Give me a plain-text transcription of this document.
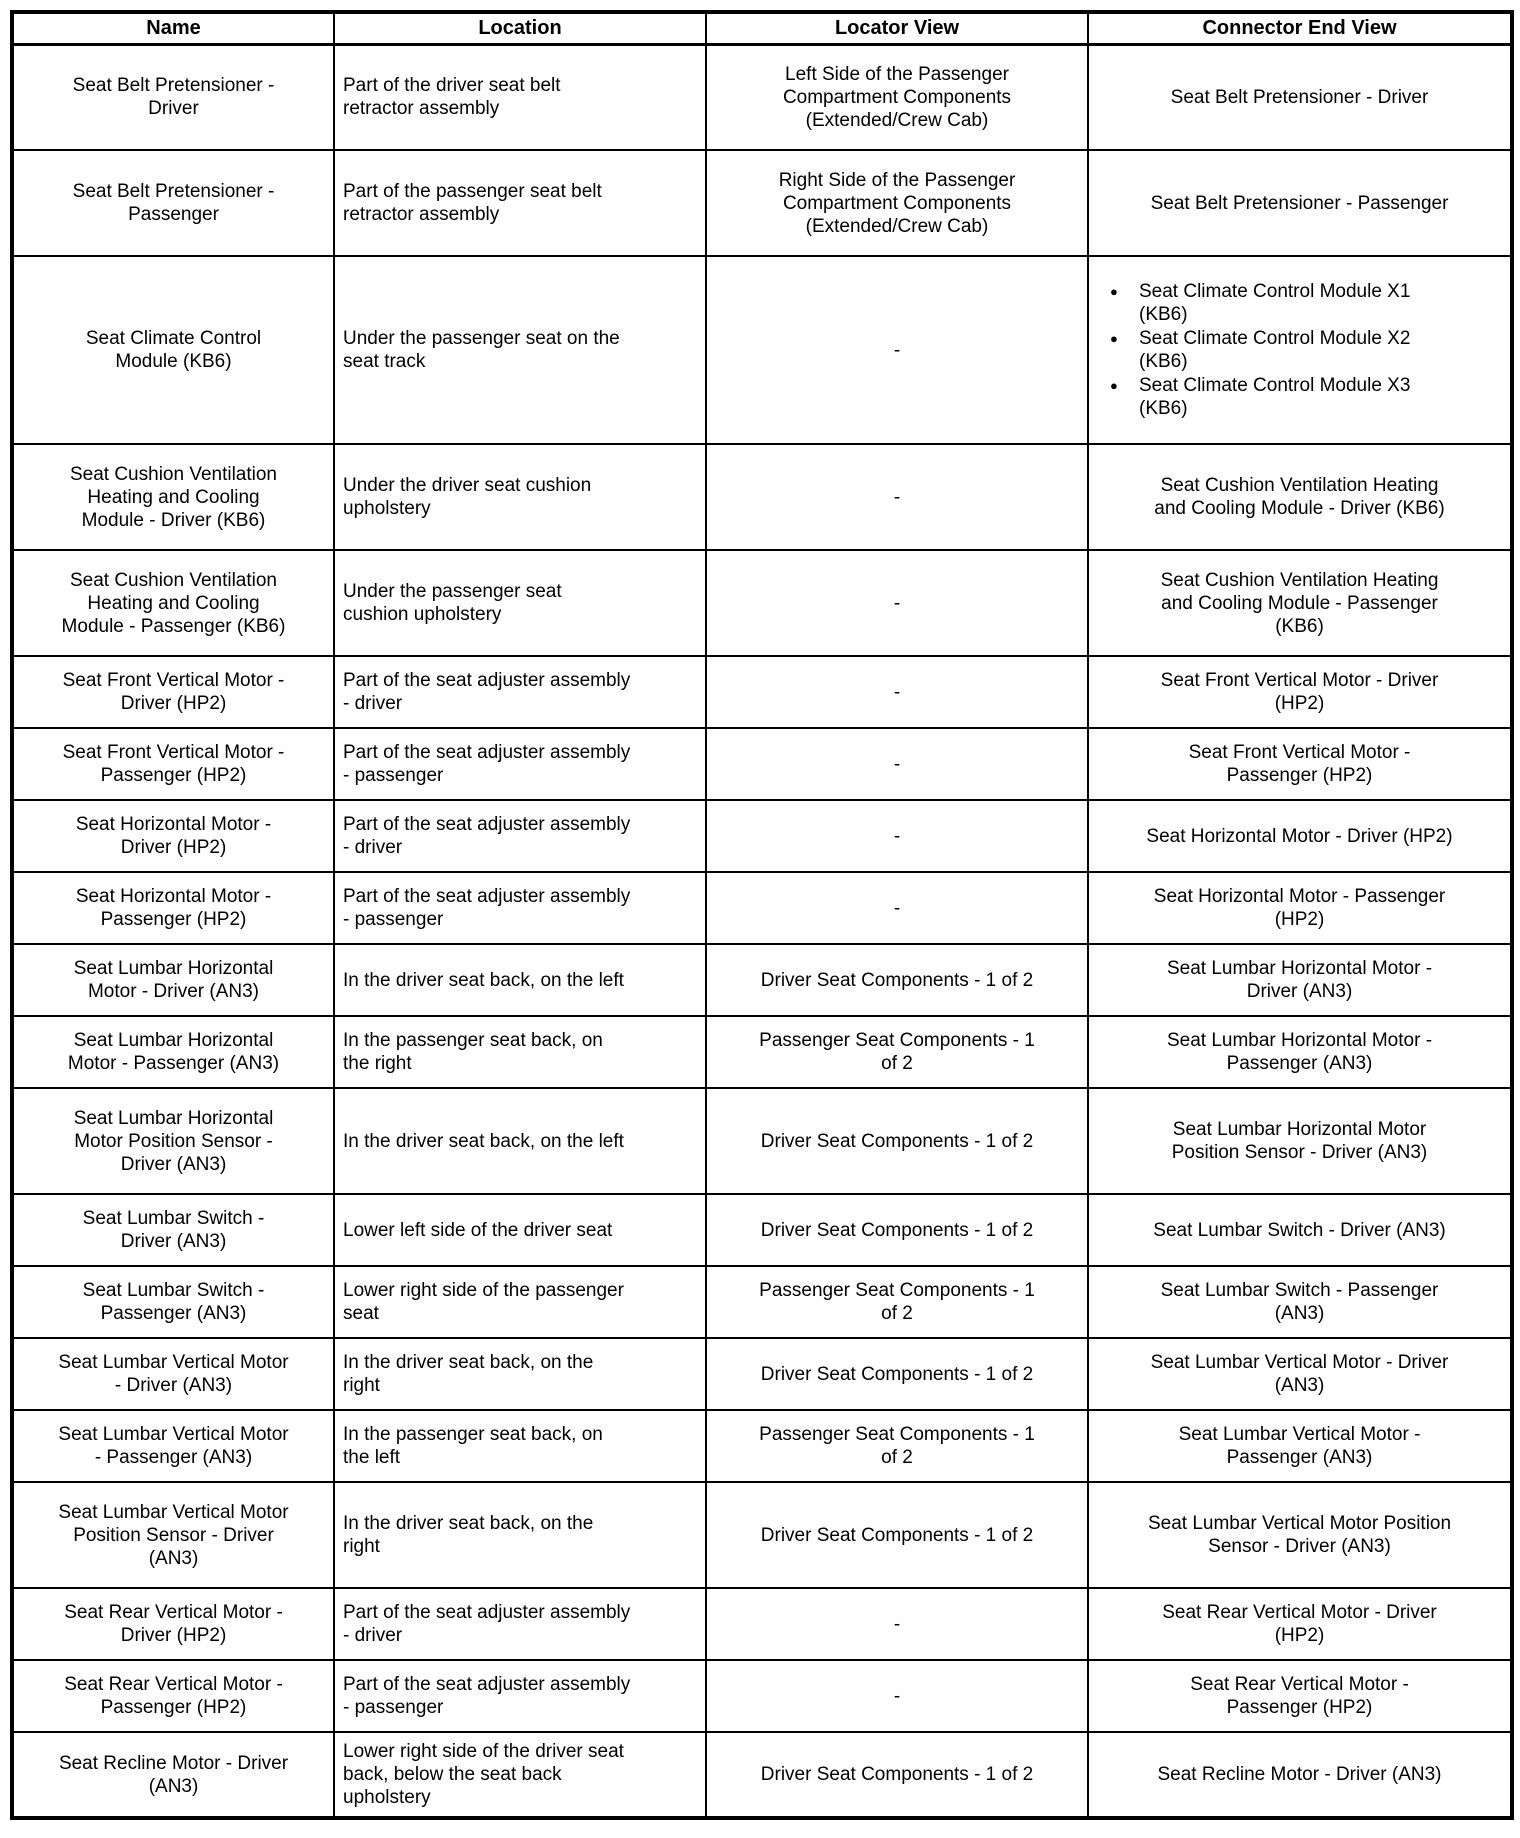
Name	Location	Locator View	Connector End View
Seat Belt Pretensioner - Driver	Part of the driver seat belt retractor assembly	Left Side of the Passenger Compartment Components (Extended/Crew Cab)	Seat Belt Pretensioner - Driver
Seat Belt Pretensioner - Passenger	Part of the passenger seat belt retractor assembly	Right Side of the Passenger Compartment Components (Extended/Crew Cab)	Seat Belt Pretensioner - Passenger
Seat Climate Control Module (KB6)	Under the passenger seat on the seat track	-	
● Seat Climate Control Module X1 (KB6)
● Seat Climate Control Module X2 (KB6)
● Seat Climate Control Module X3 (KB6)

Seat Cushion Ventilation Heating and Cooling Module - Driver (KB6)	Under the driver seat cushion upholstery	-	Seat Cushion Ventilation Heating and Cooling Module - Driver (KB6)
Seat Cushion Ventilation Heating and Cooling Module - Passenger (KB6)	Under the passenger seat cushion upholstery	-	Seat Cushion Ventilation Heating and Cooling Module - Passenger (KB6)
Seat Front Vertical Motor - Driver (HP2)	Part of the seat adjuster assembly - driver	-	Seat Front Vertical Motor - Driver (HP2)
Seat Front Vertical Motor - Passenger (HP2)	Part of the seat adjuster assembly - passenger	-	Seat Front Vertical Motor - Passenger (HP2)
Seat Horizontal Motor - Driver (HP2)	Part of the seat adjuster assembly - driver	-	Seat Horizontal Motor - Driver (HP2)
Seat Horizontal Motor - Passenger (HP2)	Part of the seat adjuster assembly - passenger	-	Seat Horizontal Motor - Passenger (HP2)
Seat Lumbar Horizontal Motor - Driver (AN3)	In the driver seat back, on the left	Driver Seat Components - 1 of 2	Seat Lumbar Horizontal Motor - Driver (AN3)
Seat Lumbar Horizontal Motor - Passenger (AN3)	In the passenger seat back, on the right	Passenger Seat Components - 1 of 2	Seat Lumbar Horizontal Motor - Passenger (AN3)
Seat Lumbar Horizontal Motor Position Sensor - Driver (AN3)	In the driver seat back, on the left	Driver Seat Components - 1 of 2	Seat Lumbar Horizontal Motor Position Sensor - Driver (AN3)
Seat Lumbar Switch - Driver (AN3)	Lower left side of the driver seat	Driver Seat Components - 1 of 2	Seat Lumbar Switch - Driver (AN3)
Seat Lumbar Switch - Passenger (AN3)	Lower right side of the passenger seat	Passenger Seat Components - 1 of 2	Seat Lumbar Switch - Passenger (AN3)
Seat Lumbar Vertical Motor - Driver (AN3)	In the driver seat back, on the right	Driver Seat Components - 1 of 2	Seat Lumbar Vertical Motor - Driver (AN3)
Seat Lumbar Vertical Motor - Passenger (AN3)	In the passenger seat back, on the left	Passenger Seat Components - 1 of 2	Seat Lumbar Vertical Motor - Passenger (AN3)
Seat Lumbar Vertical Motor Position Sensor - Driver (AN3)	In the driver seat back, on the right	Driver Seat Components - 1 of 2	Seat Lumbar Vertical Motor Position Sensor - Driver (AN3)
Seat Rear Vertical Motor - Driver (HP2)	Part of the seat adjuster assembly - driver	-	Seat Rear Vertical Motor - Driver (HP2)
Seat Rear Vertical Motor - Passenger (HP2)	Part of the seat adjuster assembly - passenger	-	Seat Rear Vertical Motor - Passenger (HP2)
Seat Recline Motor - Driver (AN3)	Lower right side of the driver seat back, below the seat back upholstery	Driver Seat Components - 1 of 2	Seat Recline Motor - Driver (AN3)
